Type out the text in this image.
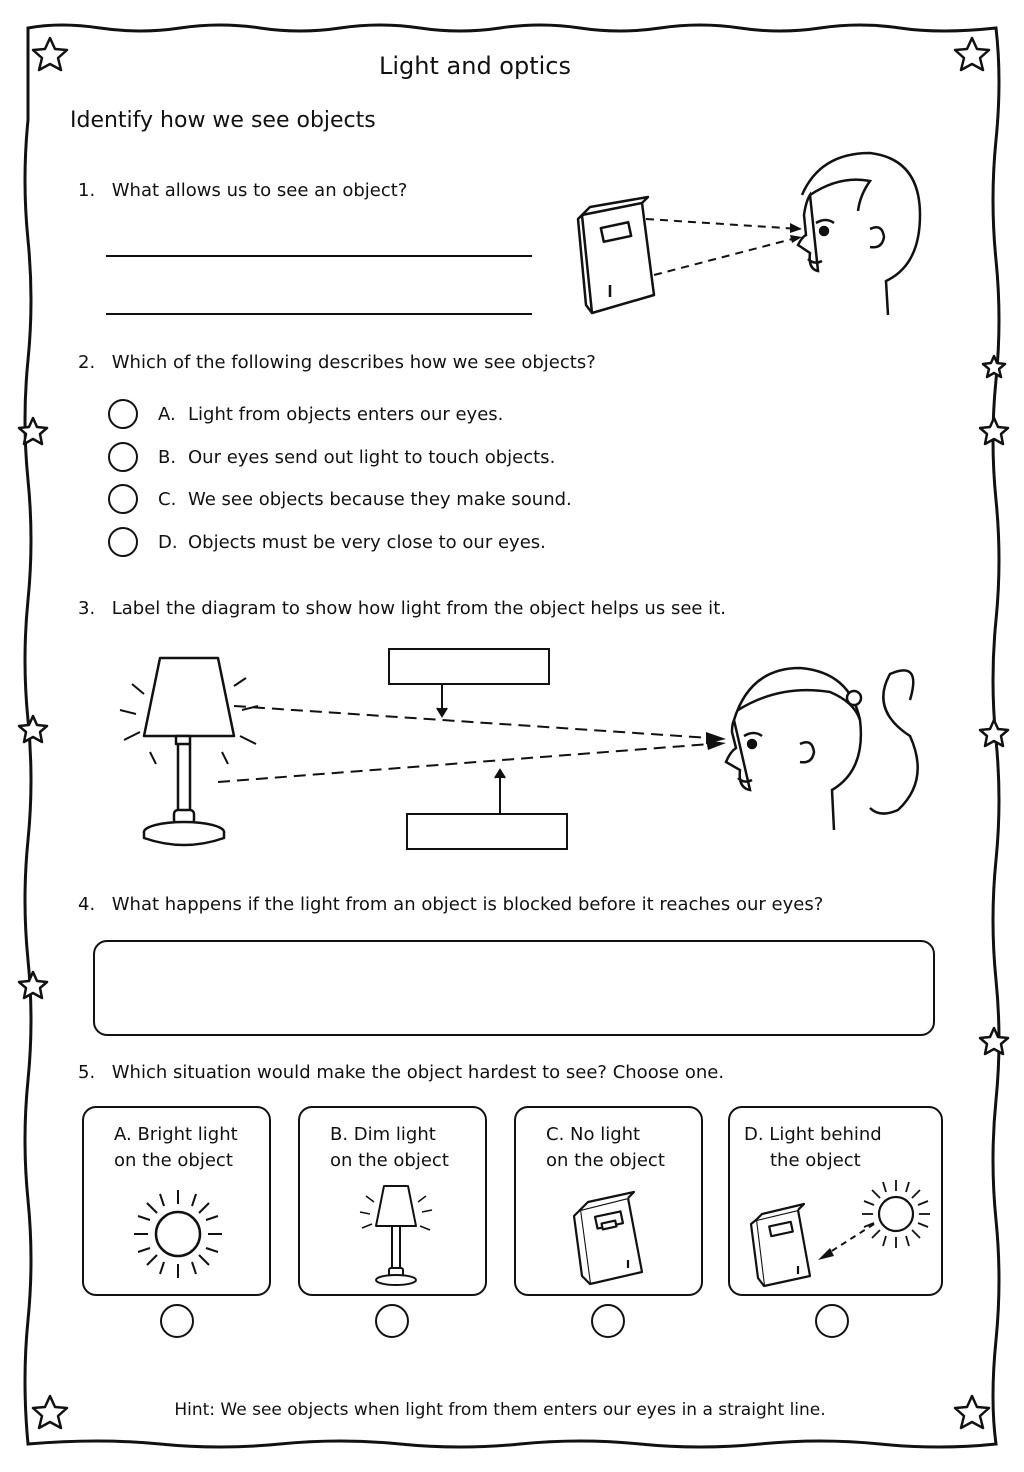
Light and optics
Identify how we see objects
1. What allows us to see an object?
2. Which of the following describes how we see objects?
A. Light from objects enters our eyes.
B. Our eyes send out light to touch objects.
C. We see objects because they make sound.
D. Objects must be very close to our eyes.
3. Label the diagram to show how light from the object helps us see it.
4. What happens if the light from an object is blocked before it reaches our eyes?
5. Which situation would make the object hardest to see? Choose one.
A. Bright light
on the object
B. Dim light
on the object
C. No light
on the object
D. Light behind
the object
Hint: We see objects when light from them enters our eyes in a straight line.
